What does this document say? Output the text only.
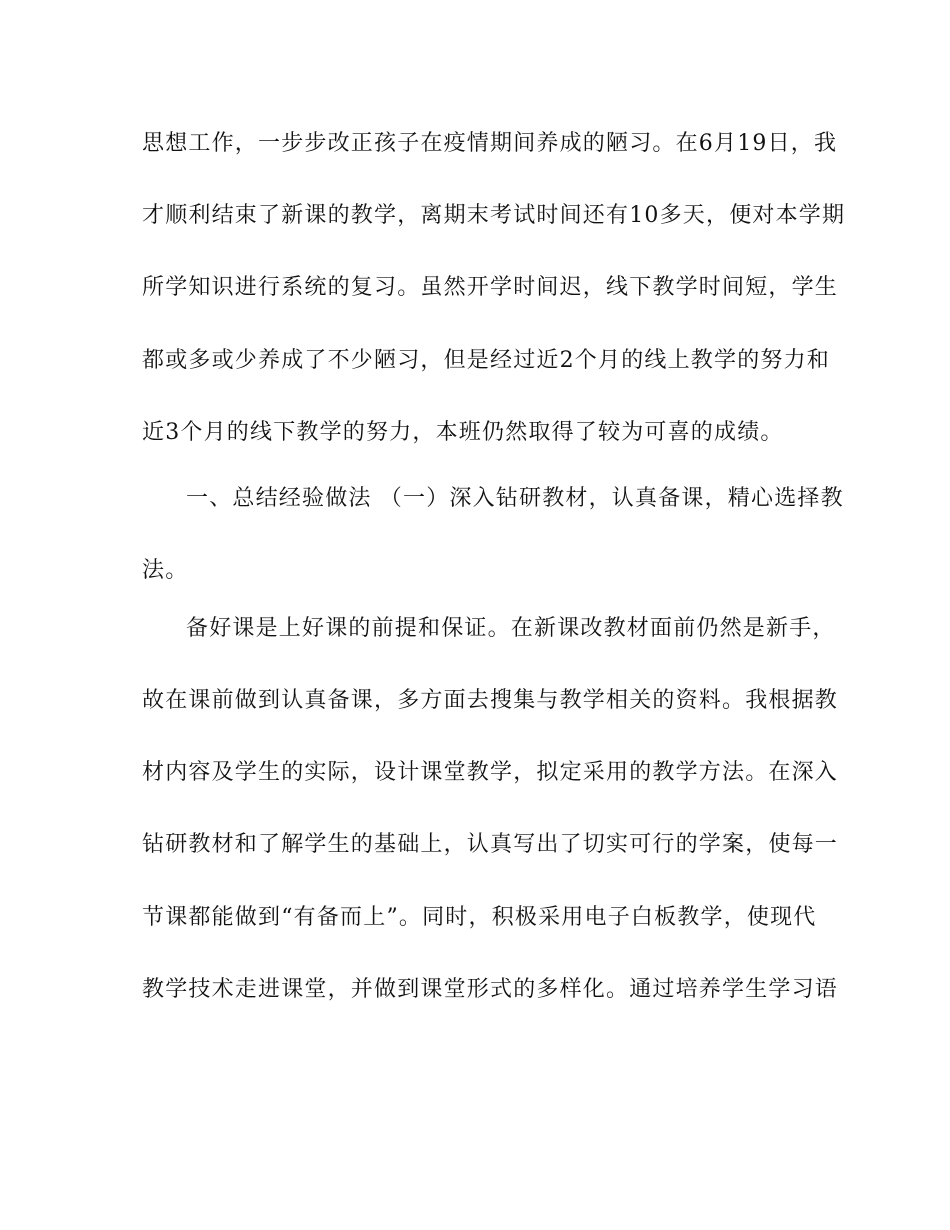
思想工作，一步步改正孩子在疫情期间养成的陋习。在6月19日，我
才顺利结束了新课的教学，离期末考试时间还有10多天，便对本学期
所学知识进行系统的复习。虽然开学时间迟，线下教学时间短，学生
都或多或少养成了不少陋习，但是经过近2个月的线上教学的努力和
近3个月的线下教学的努力，本班仍然取得了较为可喜的成绩。
一、总结经验做法 （一）深入钻研教材，认真备课，精心选择教
法。
备好课是上好课的前提和保证。在新课改教材面前仍然是新手，
故在课前做到认真备课，多方面去搜集与教学相关的资料。我根据教
材内容及学生的实际，设计课堂教学，拟定采用的教学方法。在深入
钻研教材和了解学生的基础上，认真写出了切实可行的学案，使每一
节课都能做到“有备而上”。同时，积极采用电子白板教学，使现代
教学技术走进课堂，并做到课堂形式的多样化。通过培养学生学习语
